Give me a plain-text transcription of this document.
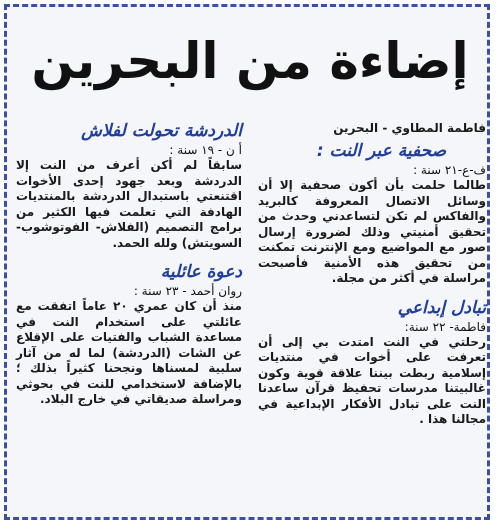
إضاءة من البحرين
فاطمة المطاوي - البحرين
صحفية عبر النت :
ف-ع-٢١ سنة :
طالما حلمت بأن أكون صحفية إلا أن وسائل الاتصال المعروفة كالبريد والفاكس لم تكن لتساعدني وحدث من تحقيق أمنيتي وذلك لضرورة إرسال صور مع المواضيع ومع الإنترنت تمكنت من تحقيق هذه الأمنية فأصبحت مراسلة في أكثر من مجلة.
تبادل إبداعي
فاطمة- ٢٢ سنة:
رحلتي في النت امتدت بي إلى أن تعرفت على أخوات في منتديات إسلامية ربطت بيننا علاقة قوية وكون غالبيتنا مدرسات تحفيظ قرآن ساعدنا النت على تبادل الأفكار الإبداعية في مجالنا هذا .
الدردشة تحولت لفلاش
أ ن - ١٩ سنة :
سابقاً لم أكن أعرف من النت إلا الدردشة وبعد جهود إحدى الأخوات اقتنعتي باستبدال الدردشة بالمنتديات الهادفة التي تعلمت فيها الكثير من برامج التصميم (الفلاش- الفوتوشوب- السويتش) ولله الحمد.
دعوة عائلية
روان أحمد - ٢٣ سنة :
منذ أن كان عمري ٢٠ عاماً اتفقت مع عائلتي على استخدام النت في مساعدة الشباب والفتيات على الإقلاع عن الشات (الدردشة) لما له من آثار سلبية لمسناها ونجحنا كثيراً بذلك ؛ بالإضافة لاستخدامي للنت في بحوثي ومراسلة صديقاتي في خارج البلاد.
